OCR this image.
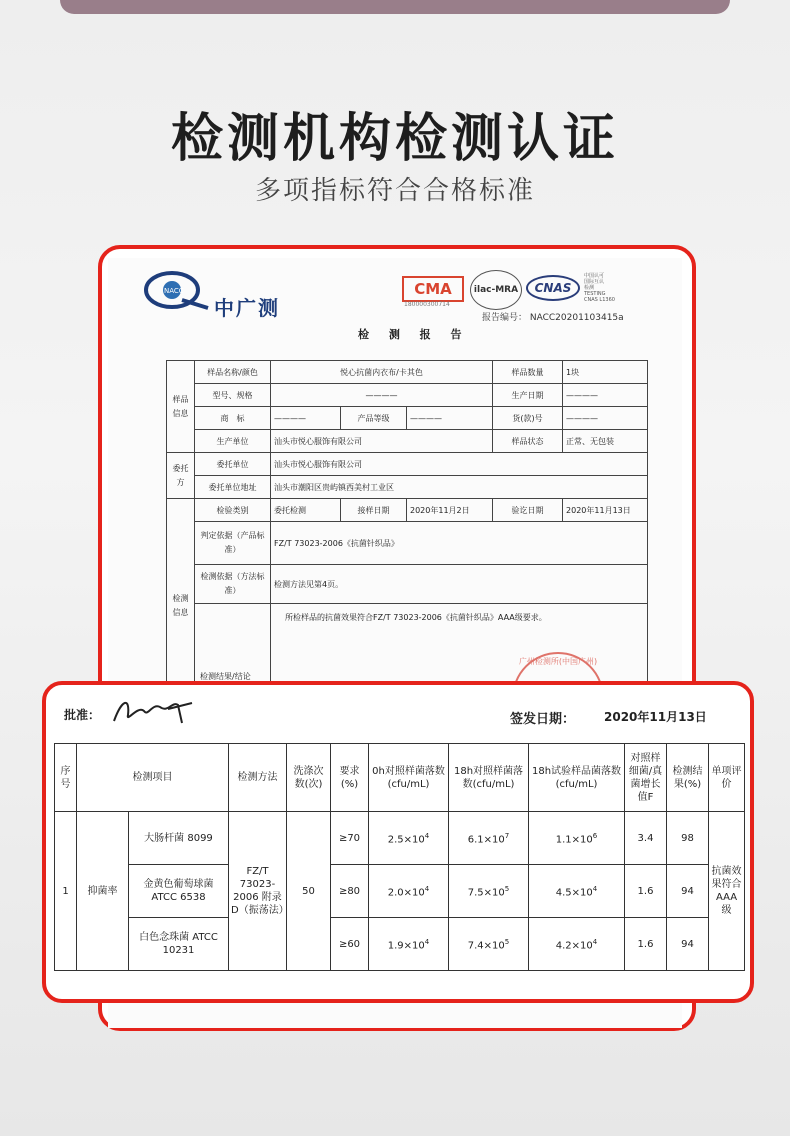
检测机构检测认证
多项指标符合合格标准
NACC
中广测
CMA
180000300714
ilac-MRA	CNAS
中国认可
国际互认
检测
TESTING
CNAS L1360
报告编号： NACC20201103415a
检 测 报 告
样品信息	样品名称/颜色	悦心抗菌内衣布/卡其色			样品数量	1块
	型号、规格	————			生产日期	————
	商　标	————	产品等级	————	货(款)号	————
	生产单位	汕头市悦心服饰有限公司			样品状态	正常、无包装
委托方	委托单位	汕头市悦心服饰有限公司				
	委托单位地址	汕头市潮阳区贵屿镇西美村工业区				
检测信息	检验类别	委托检测	接样日期	2020年11月2日	验讫日期	2020年11月13日
	判定依据（产品标准）	FZ/T 73023-2006《抗菌针织品》				
	检测依据（方法标准）	检测方法见第4页。				

所检样品的抗菌效果符合FZ/T 73023-2006《抗菌针织品》AAA级要求。
检测结果/结论
广州检测所(中国广州)
批准：	签发日期： 2020年11月13日
序号	检测项目		检测方法	洗涤次数(次)	要求(%)	0h对照样菌落数(cfu/mL)	18h对照样菌落数(cfu/mL)	18h试验样品菌落数(cfu/mL)	对照样细菌/真菌增长值F	检测结果(%)	单项评价
1	抑菌率	大肠杆菌 8099	FZ/T 73023-2006 附录D（振荡法）	50	≥70	$2.5\times 10^4$	$6.1\times 10^7$	$1.1\times 10^6$	3.4	98	抗菌效果符合AAA级
		金黄色葡萄球菌 ATCC 6538			≥80	$2.0\times 10^4$	$7.5\times 10^5$	$4.5\times 10^4$	1.6	94	
		白色念珠菌 ATCC 10231			≥60	$1.9\times 10^4$	$7.4\times 10^5$	$4.2\times 10^4$	1.6	94	
